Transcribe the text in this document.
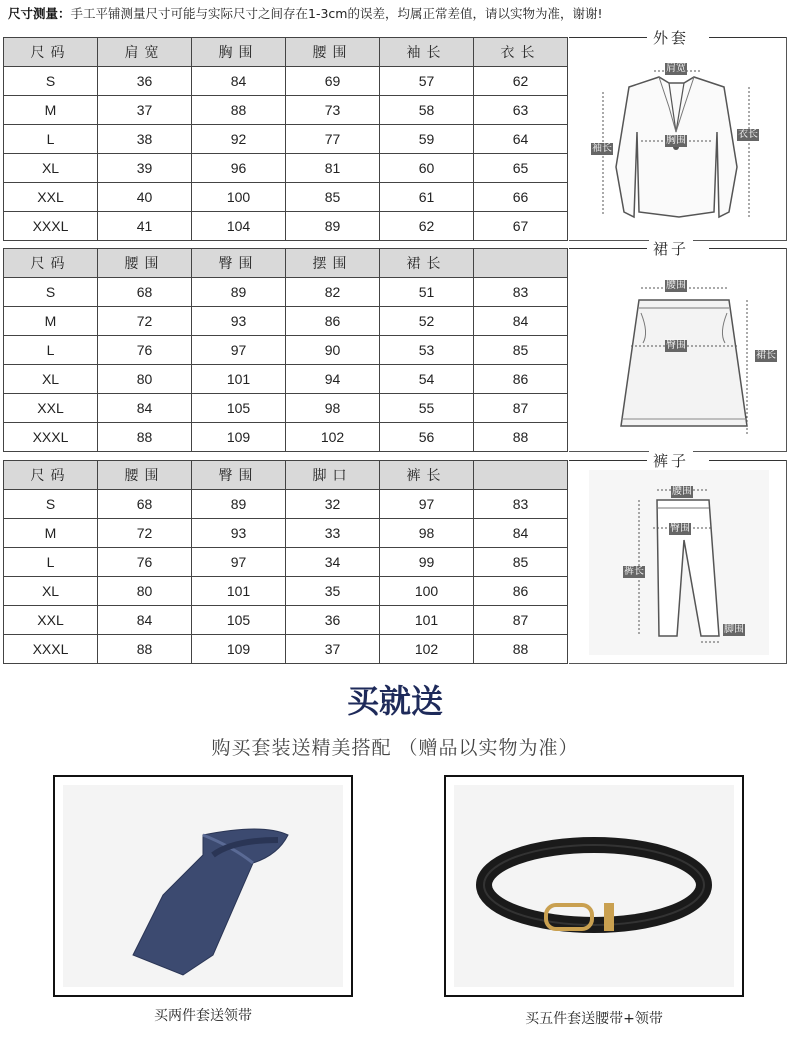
尺寸测量：手工平铺测量尺寸可能与实际尺寸之间存在1-3cm的误差，均属正常差值，请以实物为准，谢谢!
尺码	肩宽	胸围	腰围	袖长	衣长
S	36	84	69	57	62
M	37	88	73	58	63
L	38	92	77	59	64
XL	39	96	81	60	65
XXL	40	100	85	61	66
XXXL	41	104	89	62	67
外套
肩宽
胸围
袖长
衣长
尺码	腰围	臀围	摆围	裙长	
S	68	89	82	51	83
M	72	93	86	52	84
L	76	97	90	53	85
XL	80	101	94	54	86
XXL	84	105	98	55	87
XXXL	88	109	102	56	88
裙子
腰围
臀围
裙长
尺码	腰围	臀围	脚口	裤长	
S	68	89	32	97	83
M	72	93	33	98	84
L	76	97	34	99	85
XL	80	101	35	100	86
XXL	84	105	36	101	87
XXXL	88	109	37	102	88
裤子
腰围
臀围
裤长
脚围
买就送
购买套装送精美搭配 （赠品以实物为准）
买两件套送领带	买五件套送腰带+领带
